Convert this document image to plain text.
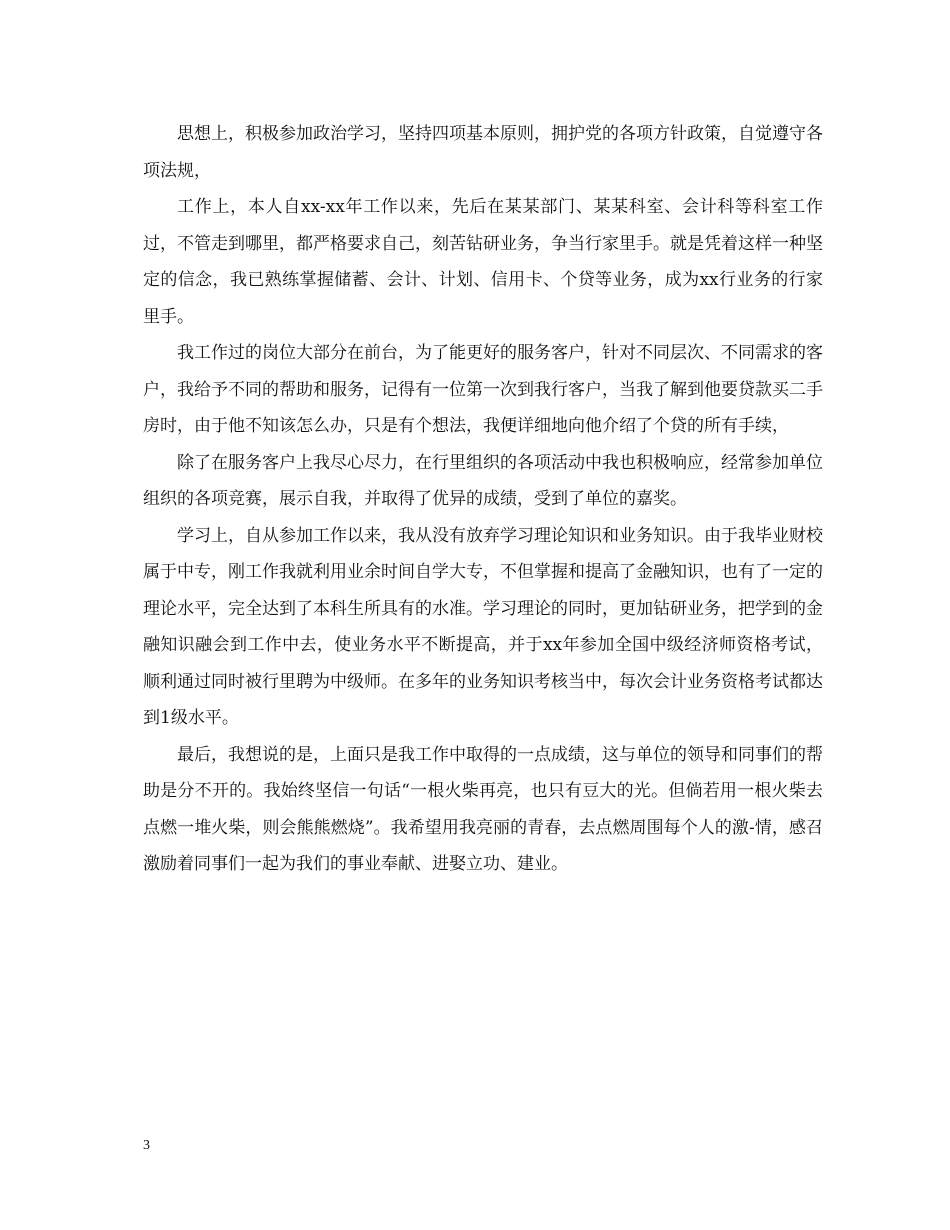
思想上，积极参加政治学习，坚持四项基本原则，拥护党的各项方针政策，自觉遵守各项法规，

工作上，本人自xx-xx年工作以来，先后在某某部门、某某科室、会计科等科室工作过，不管走到哪里，都严格要求自己，刻苦钻研业务，争当行家里手。就是凭着这样一种坚定的信念，我已熟练掌握储蓄、会计、计划、信用卡、个贷等业务，成为xx行业务的行家里手。

我工作过的岗位大部分在前台，为了能更好的服务客户，针对不同层次、不同需求的客户，我给予不同的帮助和服务，记得有一位第一次到我行客户，当我了解到他要贷款买二手房时，由于他不知该怎么办，只是有个想法，我便详细地向他介绍了个贷的所有手续，

除了在服务客户上我尽心尽力，在行里组织的各项活动中我也积极响应，经常参加单位组织的各项竞赛，展示自我，并取得了优异的成绩，受到了单位的嘉奖。

学习上，自从参加工作以来，我从没有放弃学习理论知识和业务知识。由于我毕业财校属于中专，刚工作我就利用业余时间自学大专，不但掌握和提高了金融知识，也有了一定的理论水平，完全达到了本科生所具有的水准。学习理论的同时，更加钻研业务，把学到的金融知识融会到工作中去，使业务水平不断提高，并于xx年参加全国中级经济师资格考试，顺利通过同时被行里聘为中级师。在多年的业务知识考核当中，每次会计业务资格考试都达到1级水平。

最后，我想说的是，上面只是我工作中取得的一点成绩，这与单位的领导和同事们的帮助是分不开的。我始终坚信一句话“一根火柴再亮，也只有豆大的光。但倘若用一根火柴去点燃一堆火柴，则会熊熊燃烧”。我希望用我亮丽的青春，去点燃周围每个人的激-情，感召激励着同事们一起为我们的事业奉献、进娶立功、建业。

3
